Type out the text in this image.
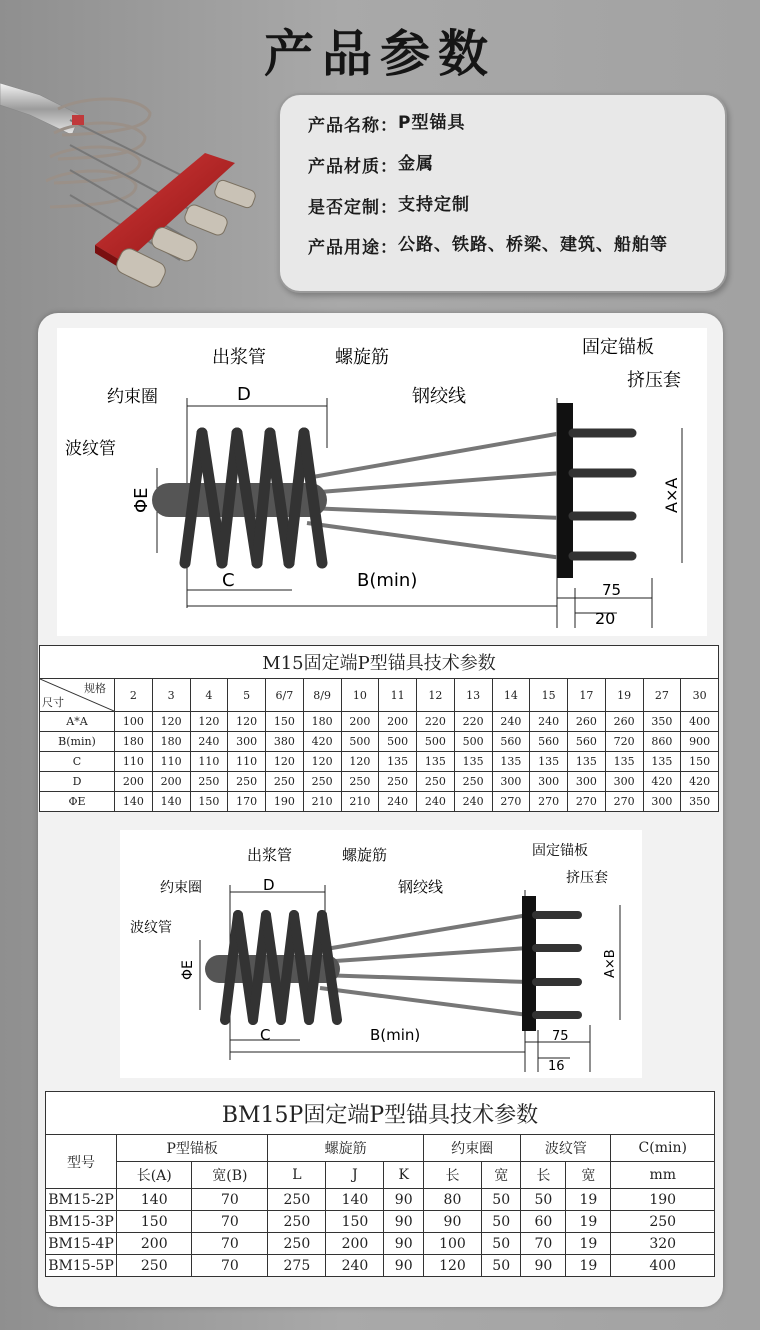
产品参数
产品名称： P型锚具
产品材质： 金属
是否定制： 支持定制
产品用途： 公路、铁路、桥梁、建筑、船舶等
D
出浆管	螺旋筋
约束圈	钢绞线
波纹管
固定锚板
挤压套
ΦE
C	B(min)
A×A
75
20
M15固定端P型锚具技术参数																

规格
尺寸	2	3	4	5	6/7	8/9	10	11	12	13	14	15	17	19	27	30
A*A	100	120	120	120	150	180	200	200	220	220	240	240	260	260	350	400
B(min)	180	180	240	300	380	420	500	500	500	500	560	560	560	720	860	900
C	110	110	110	110	120	120	120	135	135	135	135	135	135	135	135	150
D	200	200	250	250	250	250	250	250	250	250	300	300	300	300	420	420
ΦE	140	140	150	170	190	210	210	240	240	240	270	270	270	270	300	350
D
出浆管	螺旋筋
约束圈	钢绞线
波纹管
固定锚板
挤压套
ΦE
C	B(min)
A×B
75
16
BM15P固定端P型锚具技术参数										
型号	P型锚板		螺旋筋			约束圈		波纹管		C(min)
	长(A)	宽(B)	L	J	K	长	宽	长	宽	mm
BM15-2P	140	70	250	140	90	80	50	50	19	190
BM15-3P	150	70	250	150	90	90	50	60	19	250
BM15-4P	200	70	250	200	90	100	50	70	19	320
BM15-5P	250	70	275	240	90	120	50	90	19	400
